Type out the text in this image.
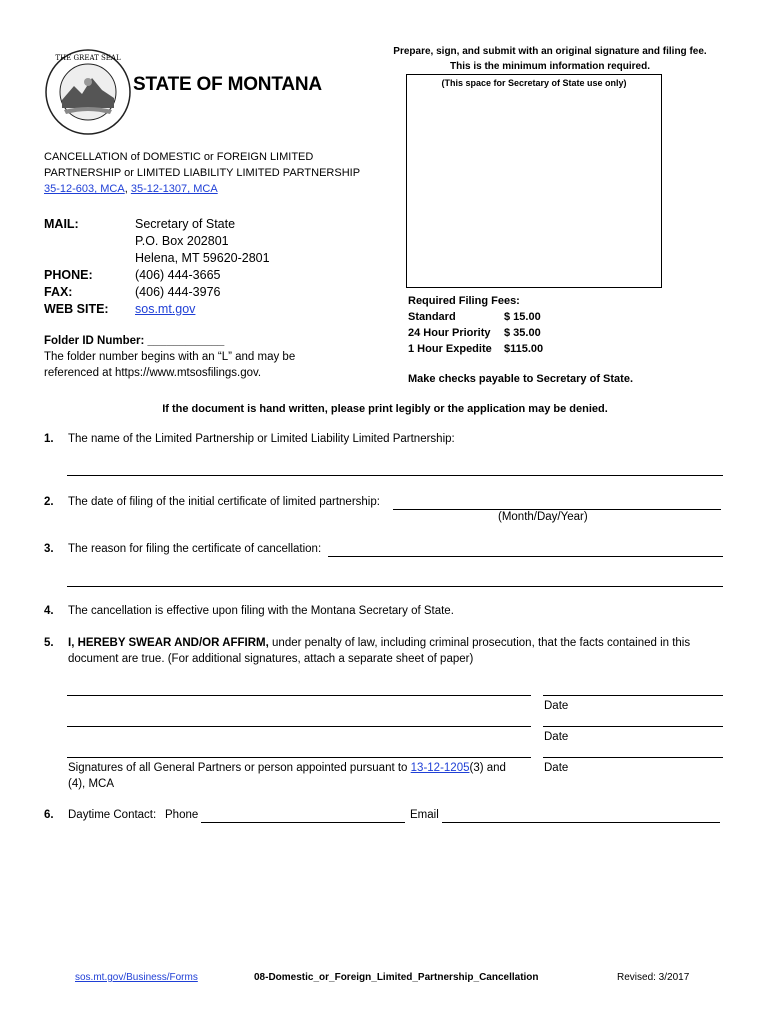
THE GREAT SEAL
STATE OF MONTANA
Prepare, sign, and submit with an original signature and filing fee.
This is the minimum information required.
(This space for Secretary of State use only)
CANCELLATION of DOMESTIC or FOREIGN LIMITED
PARTNERSHIP or LIMITED LIABILITY LIMITED PARTNERSHIP
35-12-603, MCA, 35-12-1307, MCA
MAIL:	Secretary of State
P.O. Box 202801
Helena, MT 59620-2801
PHONE:	(406) 444-3665
FAX:	(406) 444-3976
WEB SITE: sos.mt.gov
Folder ID Number: ____________
The folder number begins with an “L” and may be
referenced at https://www.mtsosfilings.gov.
Required Filing Fees:
Standard	$ 15.00
24 Hour Priority $ 35.00
1 Hour Expedite $115.00
Make checks payable to Secretary of State.
If the document is hand written, please print legibly or the application may be denied.
1. The name of the Limited Partnership or Limited Liability Limited Partnership:
2. The date of filing of the initial certificate of limited partnership:
(Month/Day/Year)
3. The reason for filing the certificate of cancellation:
4. The cancellation is effective upon filing with the Montana Secretary of State.
5. I, HEREBY SWEAR AND/OR AFFIRM, under penalty of law, including criminal prosecution, that the facts contained in this
document are true. (For additional signatures, attach a separate sheet of paper)
Date
Date
Date
Signatures of all General Partners or person appointed pursuant to 13-12-1205(3) and
(4), MCA
6. Daytime Contact: Phone	Email
sos.mt.gov/Business/Forms	08-Domestic_or_Foreign_Limited_Partnership_Cancellation	Revised: 3/2017
